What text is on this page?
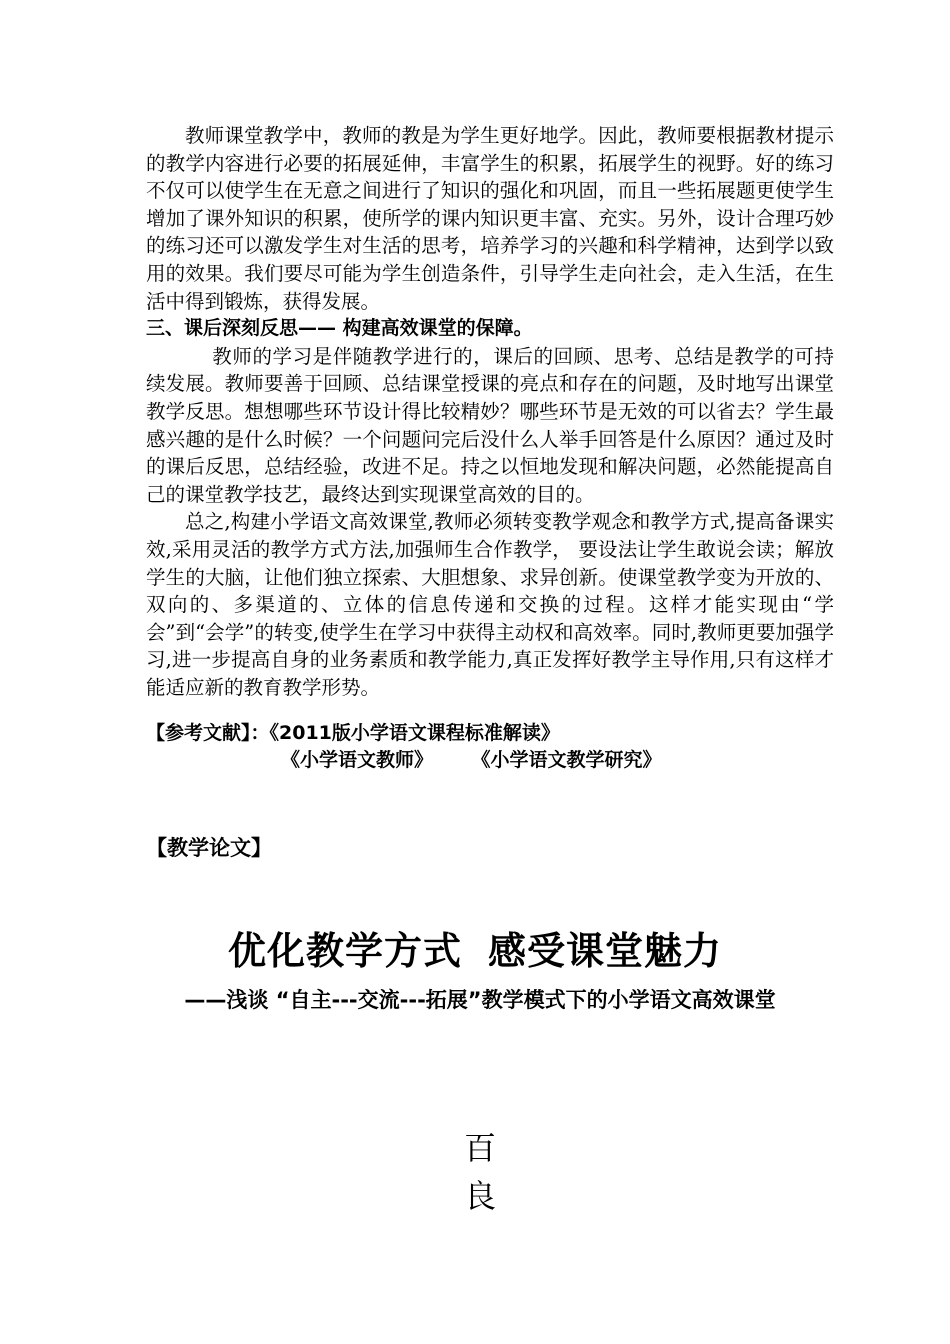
教师课堂教学中，教师的教是为学生更好地学。因此，教师要根据教材提示的教学内容进行必要的拓展延伸，丰富学生的积累，拓展学生的视野。好的练习不仅可以使学生在无意之间进行了知识的强化和巩固，而且一些拓展题更使学生增加了课外知识的积累，使所学的课内知识更丰富、充实。另外，设计合理巧妙的练习还可以激发学生对生活的思考，培养学习的兴趣和科学精神，达到学以致用的效果。我们要尽可能为学生创造条件，引导学生走向社会，走入生活，在生活中得到锻炼，获得发展。

三、课后深刻反思—— 构建高效课堂的保障。

教师的学习是伴随教学进行的，课后的回顾、思考、总结是教学的可持续发展。教师要善于回顾、总结课堂授课的亮点和存在的问题，及时地写出课堂教学反思。想想哪些环节设计得比较精妙？哪些环节是无效的可以省去？学生最感兴趣的是什么时候？一个问题问完后没什么人举手回答是什么原因？通过及时的课后反思，总结经验，改进不足。持之以恒地发现和解决问题，必然能提高自己的课堂教学技艺，最终达到实现课堂高效的目的。

总之,构建小学语文高效课堂,教师必须转变教学观念和教学方式,提高备课实效,采用灵活的教学方式方法,加强师生合作教学， 要设法让学生敢说会读；解放学生的大脑，让他们独立探索、大胆想象、求异创新。使课堂教学变为开放的、双向的、多渠道的、立体的信息传递和交换的过程。这样才能实现由“学会”到“会学”的转变,使学生在学习中获得主动权和高效率。同时,教师更要加强学习,进一步提高自身的业务素质和教学能力,真正发挥好教学主导作用,只有这样才能适应新的教育教学形势。

【参考文献】：《2011版小学语文课程标准解读》

《小学语文教师》	《小学语文教学研究》

【教学论文】
优化教学方式 感受课堂魅力
——浅谈 “自主---交流---拓展”教学模式下的小学语文高效课堂
百
良
